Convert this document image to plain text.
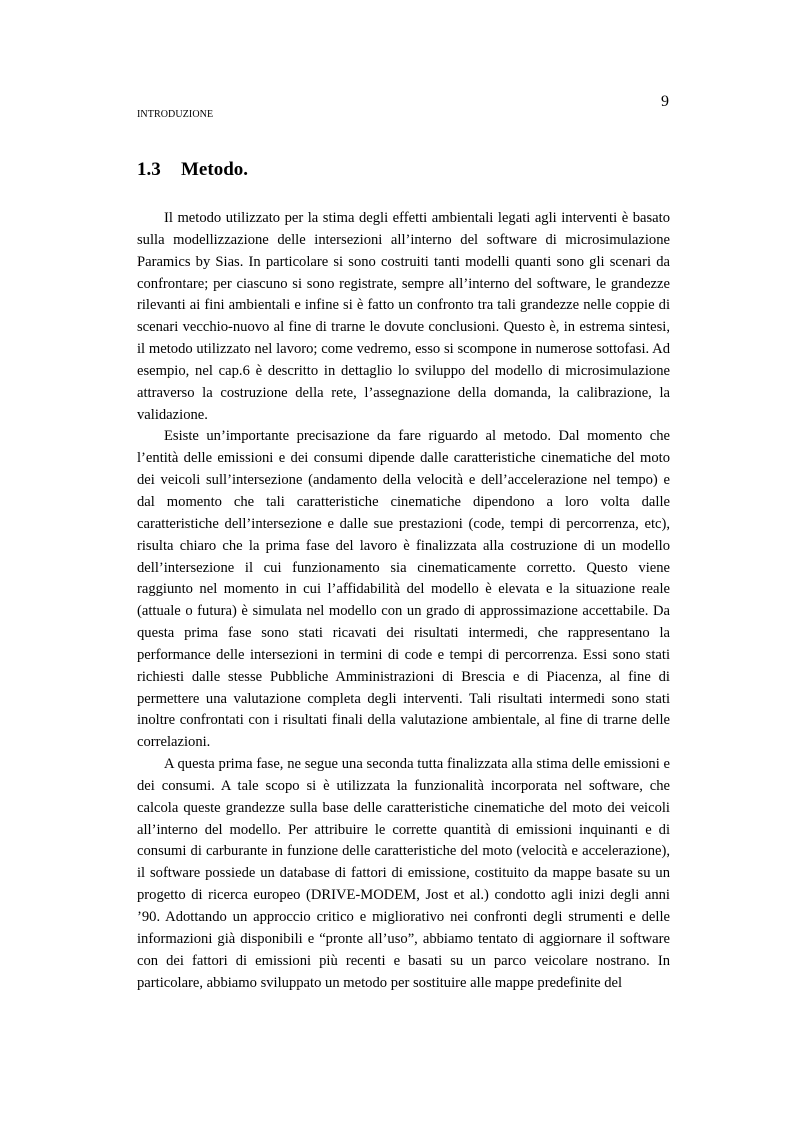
9
INTRODUZIONE
1.3 Metodo.

Il metodo utilizzato per la stima degli effetti ambientali legati agli interventi è basato sulla modellizzazione delle intersezioni all’interno del software di microsimulazione Paramics by Sias. In particolare si sono costruiti tanti modelli quanti sono gli scenari da confrontare; per ciascuno si sono registrate, sempre all’interno del software, le grandezze rilevanti ai fini ambientali e infine si è fatto un confronto tra tali grandezze nelle coppie di scenari vecchio-nuovo al fine di trarne le dovute conclusioni. Questo è, in estrema sintesi, il metodo utilizzato nel lavoro; come vedremo, esso si scompone in numerose sottofasi. Ad esempio, nel cap.6 è descritto in dettaglio lo sviluppo del modello di microsimulazione attraverso la costruzione della rete, l’assegnazione della domanda, la calibrazione, la validazione.

Esiste un’importante precisazione da fare riguardo al metodo. Dal momento che l’entità delle emissioni e dei consumi dipende dalle caratteristiche cinematiche del moto dei veicoli sull’intersezione (andamento della velocità e dell’accelerazione nel tempo) e dal momento che tali caratteristiche cinematiche dipendono a loro volta dalle caratteristiche dell’intersezione e dalle sue prestazioni (code, tempi di percorrenza, etc), risulta chiaro che la prima fase del lavoro è finalizzata alla costruzione di un modello dell’intersezione il cui funzionamento sia cinematicamente corretto. Questo viene raggiunto nel momento in cui l’affidabilità del modello è elevata e la situazione reale (attuale o futura) è simulata nel modello con un grado di approssimazione accettabile. Da questa prima fase sono stati ricavati dei risultati intermedi, che rappresentano la performance delle intersezioni in termini di code e tempi di percorrenza. Essi sono stati richiesti dalle stesse Pubbliche Amministrazioni di Brescia e di Piacenza, al fine di permettere una valutazione completa degli interventi. Tali risultati intermedi sono stati inoltre confrontati con i risultati finali della valutazione ambientale, al fine di trarne delle correlazioni.

A questa prima fase, ne segue una seconda tutta finalizzata alla stima delle emissioni e dei consumi. A tale scopo si è utilizzata la funzionalità incorporata nel software, che calcola queste grandezze sulla base delle caratteristiche cinematiche del moto dei veicoli all’interno del modello. Per attribuire le corrette quantità di emissioni inquinanti e di consumi di carburante in funzione delle caratteristiche del moto (velocità e accelerazione), il software possiede un database di fattori di emissione, costituito da mappe basate su un progetto di ricerca europeo (DRIVE-MODEM, Jost et al.) condotto agli inizi degli anni ’90. Adottando un approccio critico e migliorativo nei confronti degli strumenti e delle informazioni già disponibili e “pronte all’uso”, abbiamo tentato di aggiornare il software con dei fattori di emissioni più recenti e basati su un parco veicolare nostrano. In particolare, abbiamo sviluppato un metodo per sostituire alle mappe predefinite del
